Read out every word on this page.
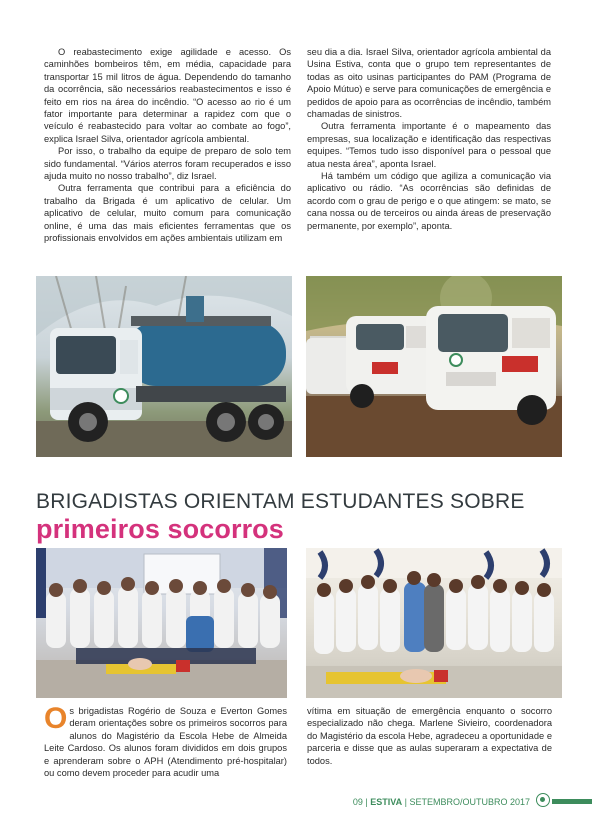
O reabastecimento exige agilidade e acesso. Os caminhões bombeiros têm, em média, capacidade para transportar 15 mil litros de água. Dependendo do tamanho da ocorrência, são necessários reabastecimentos e isso é feito em rios na área do incêndio. “O acesso ao rio é um fator importante para determinar a rapidez com que o veículo é reabastecido para voltar ao combate ao fogo”, explica Israel Silva, orientador agrícola ambiental.

Por isso, o trabalho da equipe de preparo de solo tem sido fundamental. “Vários aterros foram recuperados e isso ajuda muito no nosso trabalho”, diz Israel.

Outra ferramenta que contribui para a eficiência do trabalho da Brigada é um aplicativo de celular. Um aplicativo de celular, muito comum para comunicação online, é uma das mais eficientes ferramentas que os profissionais envolvidos em ações ambientais utilizam em

seu dia a dia. Israel Silva, orientador agrícola ambiental da Usina Estiva, conta que o grupo tem representantes de todas as oito usinas participantes do PAM (Programa de Apoio Mútuo) e serve para comunicações de emergência e pedidos de apoio para as ocorrências de incêndio, também chamadas de sinistros.

Outra ferramenta importante é o mapeamento das empresas, sua localização e identificação das respectivas equipes. “Temos tudo isso disponível para o pessoal que atua nesta área”, aponta Israel.

Há também um código que agiliza a comunicação via aplicativo ou rádio. “As ocorrências são definidas de acordo com o grau de perigo e o que atingem: se mato, se cana nossa ou de terceiros ou ainda áreas de preservação permanente, por exemplo”, aponta.

BRIGADISTAS ORIENTAM ESTUDANTES SOBRE
primeiros socorros

Os brigadistas Rogério de Souza e Everton Gomes deram orientações sobre os primeiros socorros para alunos do Magistério da Escola Hebe de Almeida Leite Cardoso. Os alunos foram divididos em dois grupos e aprenderam sobre o APH (Atendimento pré-hospitalar) ou como devem proceder para acudir uma

vítima em situação de emergência enquanto o socorro especializado não chega. Marlene Sivieiro, coordenadora do Magistério da escola Hebe, agradeceu a oportunidade e parceria e disse que as aulas superaram a expectativa de todos.

09 | ESTIVA | SETEMBRO/OUTUBRO 2017
